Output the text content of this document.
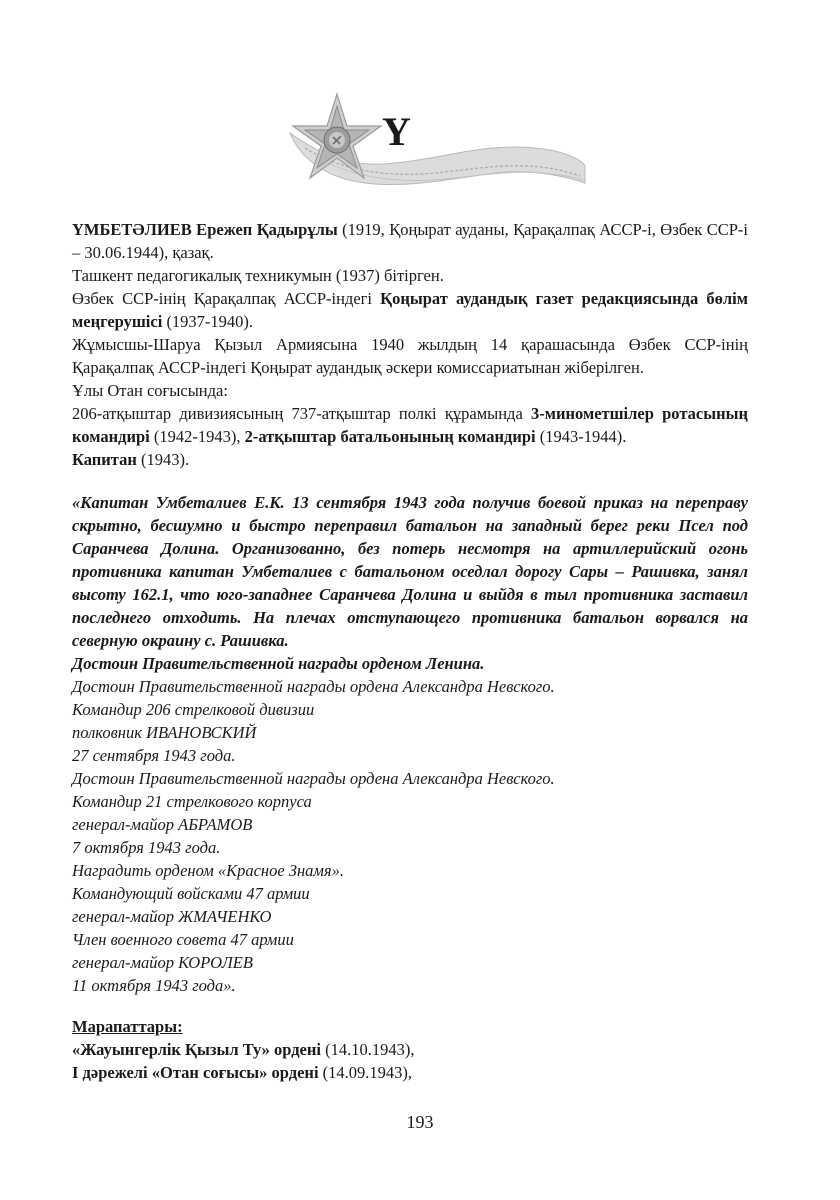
Ү

ҮМБЕТӘЛИЕВ Ережеп Қадырұлы (1919, Қоңырат ауданы, Қарақалпақ АССР-і, Өзбек ССР-і – 30.06.1944), қазақ.

Ташкент педагогикалық техникумын (1937) бітірген.

Өзбек ССР-інің Қарақалпақ АССР-індегі Қоңырат аудандық газет редакциясында бөлім меңгерушісі (1937-1940).

Жұмысшы-Шаруа Қызыл Армиясына 1940 жылдың 14 қарашасында Өзбек ССР-інің Қарақалпақ АССР-індегі Қоңырат аудандық әскери комиссариатынан жіберілген.

Ұлы Отан соғысында:

206-атқыштар дивизиясының 737-атқыштар полкі құрамында 3-минометшілер ротасының командирі (1942-1943), 2-атқыштар батальонының командирі (1943-1944).

Капитан (1943).

«Капитан Умбеталиев Е.К. 13 сентября 1943 года получив боевой приказ на переправу скрытно, бесшумно и быстро переправил батальон на западный берег реки Псел под Саранчева Долина. Организованно, без потерь несмотря на артиллерийский огонь противника капитан Умбеталиев с батальоном оседлал дорогу Сары – Рашивка, занял высоту 162.1, что юго-западнее Саранчева Долина и выйдя в тыл противника заставил последнего отходить. На плечах отступающего противника батальон ворвался на северную окраину с. Рашивка.

Достоин Правительственной награды орденом Ленина.

Достоин Правительственной награды ордена Александра Невского.

Командир 206 стрелковой дивизии

полковник ИВАНОВСКИЙ

27 сентября 1943 года.

Достоин Правительственной награды ордена Александра Невского.

Командир 21 стрелкового корпуса

генерал-майор АБРАМОВ

7 октября 1943 года.

Наградить орденом «Красное Знамя».

Командующий войсками 47 армии

генерал-майор ЖМАЧЕНКО

Член военного совета 47 армии

генерал-майор КОРОЛЕВ

11 октября 1943 года».

Марапаттары:

«Жауынгерлік Қызыл Ту» ордені (14.10.1943),

I дәрежелі «Отан соғысы» ордені (14.09.1943),

193
